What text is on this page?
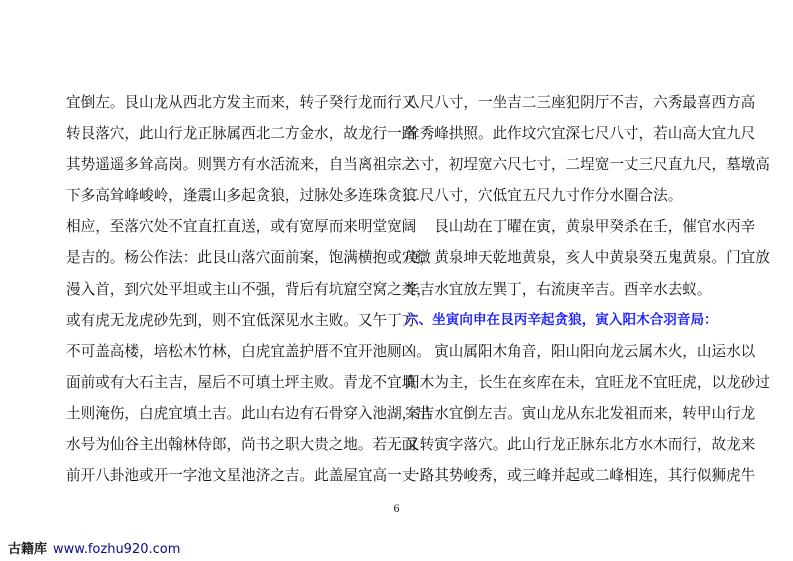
宜倒左。艮山龙从西北方发主而来，转子癸行龙而行又
转艮落穴，此山行龙正脉属西北二方金水，故龙行一路
其势遥遥多耸高岗。则巽方有水活流来，自当离祖宗之
下多高耸峰峻岭，逢震山多起贪狼，过脉处多连珠贪狼
相应，至落穴处不宜直扛直送，或有宽厚而来明堂宽阔
是吉的。杨公作法：此艮山落穴面前案，饱满横抱或穴微
漫入首，到穴处平坦或主山不强，背后有坑窟空窝之类，
或有虎无龙虎砂先到，则不宜低深见水主败。又午丁方
不可盖高楼，培松木竹林，白虎宜盖护厝不宜开池厕凶。
面前或有大石主吉，屋后不可填土坪主败。青龙不宜填
土则淹伤，白虎宜填土吉。此山右边有石骨穿入池湖，出
水号为仙谷主出翰林侍郎，尚书之职大贵之地。若无面
前开八卦池或开一字池文星池济之吉。此盖屋宜高一丈
八尺八寸，一坐吉二三座犯阴厅不吉，六秀最喜西方高
耸秀峰拱照。此作坟穴宜深七尺八寸，若山高大宜九尺
六寸，初埕宽六尺七寸，二埕宽一丈三尺直九尺，墓墩高
二尺八寸，穴低宜五尺九寸作分水圈合法。
　　艮山劫在丁曜在寅，黄泉甲癸杀在壬，催官水丙辛
庚，黄泉坤天乾地黄泉，亥人中黄泉癸五鬼黄泉。门宜放
辛吉水宜放左巽丁，右流庚辛吉。酉辛水去蚁。
六、坐寅向申在艮丙辛起贪狼，寅入阳木合羽音局：
　　寅山属阳木角音，阳山阳向龙云属木火，山运水以
阳木为主，长生在亥库在未，宜旺龙不宜旺虎，以龙砂过
案吉水宜倒左吉。寅山龙从东北发祖而来，转甲山行龙
又转寅字落穴。此山行龙正脉东北方水木而行，故龙来
一路其势峻秀，或三峰并起或二峰相连，其行似狮虎牛
6
古籍库 www.fozhu920.com
